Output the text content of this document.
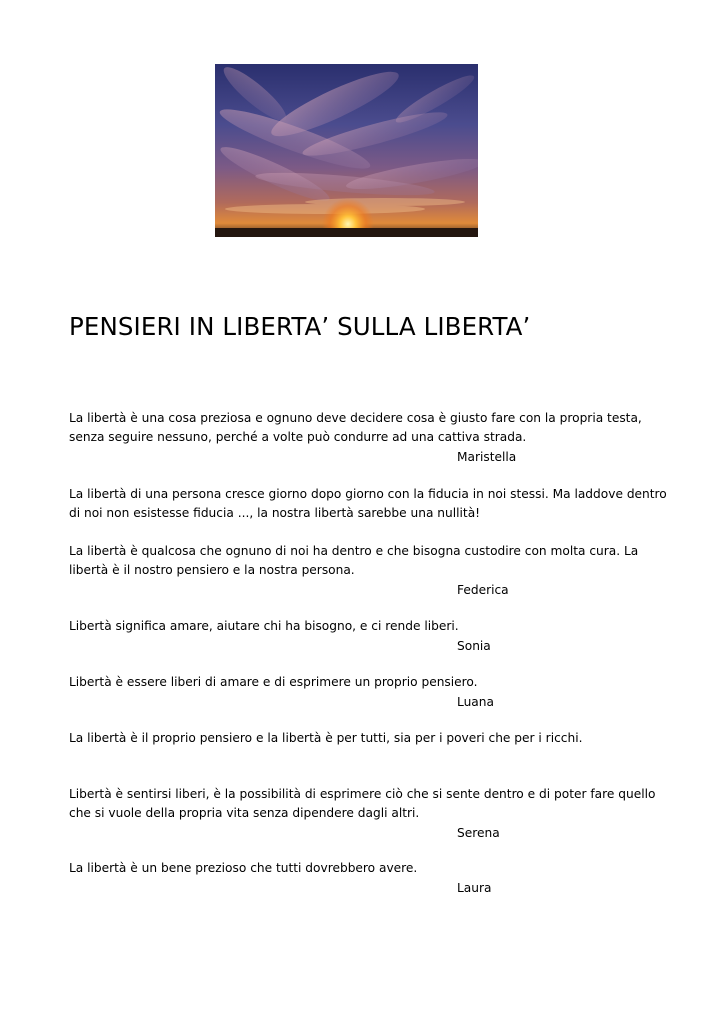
PENSIERI IN LIBERTA’ SULLA LIBERTA’

La libertà è una cosa preziosa e ognuno deve decidere cosa è giusto fare con la propria testa, senza seguire nessuno, perché a volte può condurre ad una cattiva strada.

Maristella

La libertà di una persona cresce giorno dopo giorno con la fiducia in noi stessi. Ma laddove dentro di noi non esistesse fiducia ..., la nostra libertà sarebbe una nullità!

La libertà è qualcosa che ognuno di noi ha dentro e che bisogna custodire con molta cura. La libertà è il nostro pensiero e la nostra persona.

Federica

Libertà significa amare, aiutare chi ha bisogno, e ci rende liberi.

Sonia

Libertà è essere liberi di amare e di esprimere un proprio pensiero.

Luana

La libertà è il proprio pensiero e la libertà è per tutti, sia per i poveri che per i ricchi.

Libertà è sentirsi liberi, è la possibilità di esprimere ciò che si sente dentro e di poter fare quello che si vuole della propria vita senza dipendere dagli altri.

Serena

La libertà è un bene prezioso che tutti dovrebbero avere.

Laura
